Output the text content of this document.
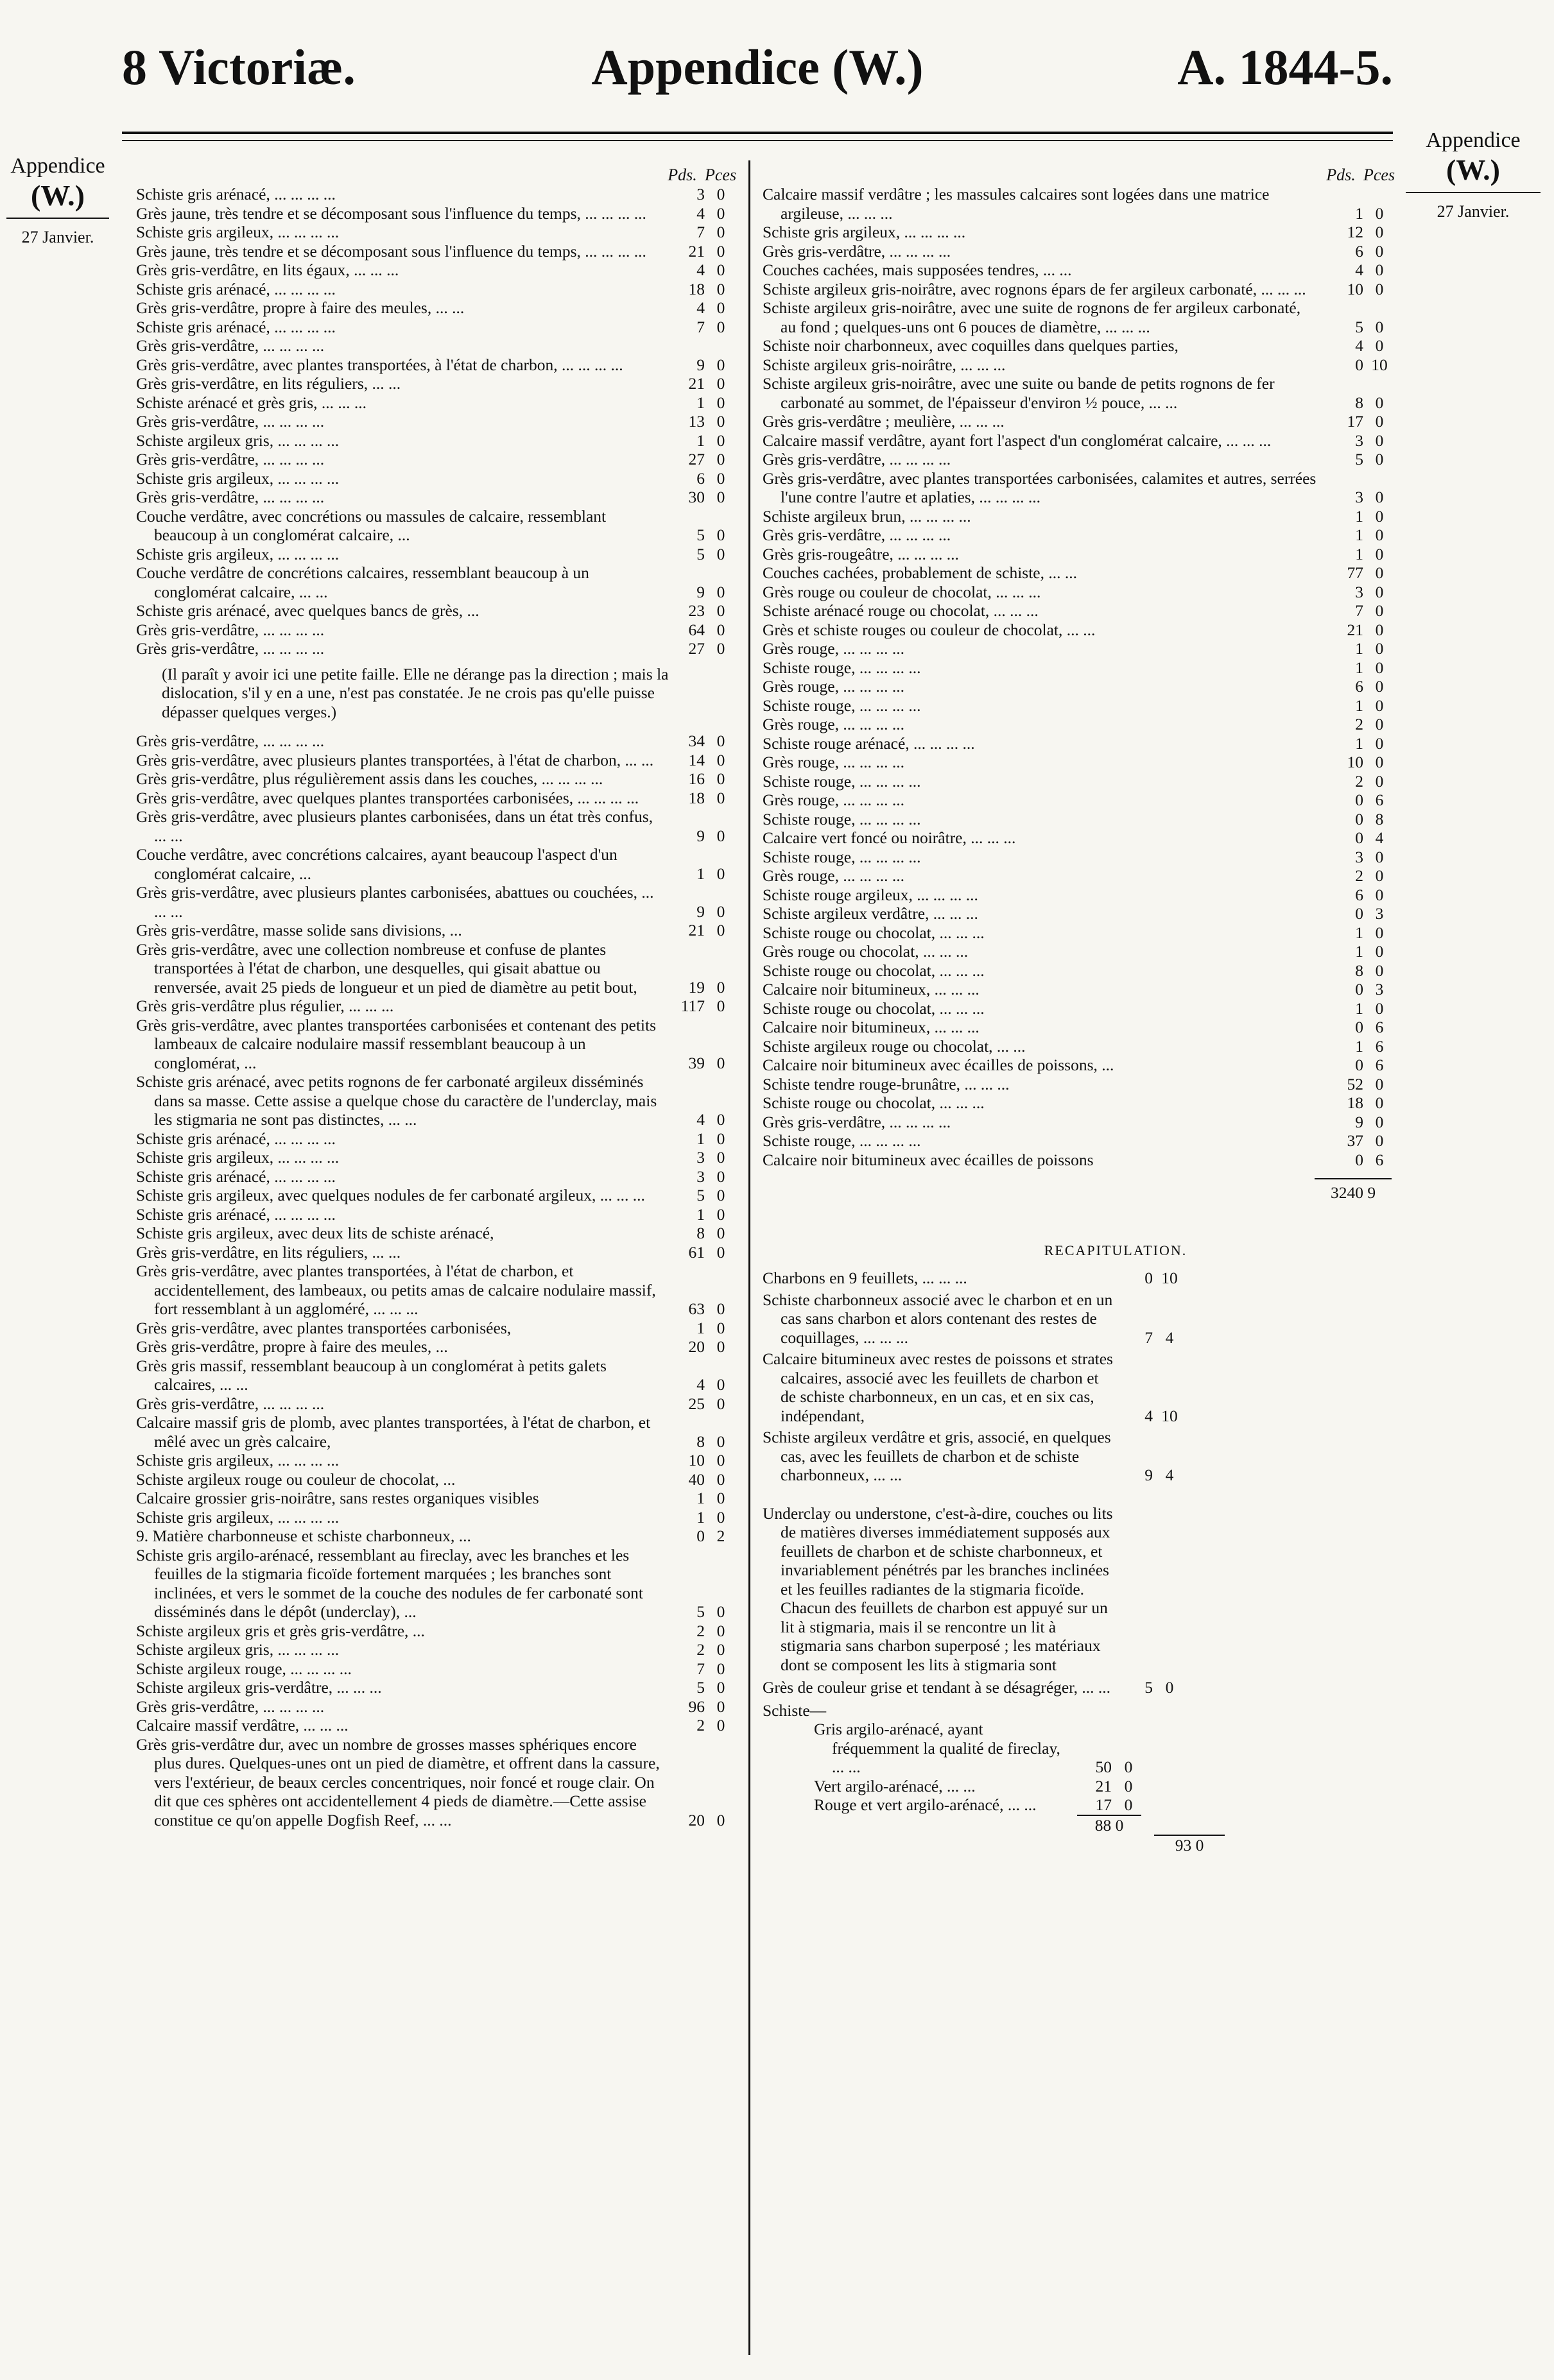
Appendice (W.)
8 Victoriæ.	A. 1844-5.
Appendice
(W.)
27 Janvier.
Appendice
(W.)
27 Janvier.
Pds. Pces
Schiste gris arénacé, ... ... ... ...	3 0
Grès jaune, très tendre et se décomposant sous l'influence du temps, ... ... ... ...	4 0
Schiste gris argileux, ... ... ... ...	7 0
Grès jaune, très tendre et se décomposant sous l'influence du temps, ... ... ... ...	21 0
Grès gris-verdâtre, en lits égaux, ... ... ...	4 0
Schiste gris arénacé, ... ... ... ...	18 0
Grès gris-verdâtre, propre à faire des meules, ... ...	4 0
Schiste gris arénacé, ... ... ... ...	7 0
Grès gris-verdâtre, ... ... ... ...
Grès gris-verdâtre, avec plantes transportées, à l'état de charbon, ... ... ... ...	9 0
Grès gris-verdâtre, en lits réguliers, ... ...	21 0
Schiste arénacé et grès gris, ... ... ...	1 0
Grès gris-verdâtre, ... ... ... ...	13 0
Schiste argileux gris, ... ... ... ...	1 0
Grès gris-verdâtre, ... ... ... ...	27 0
Schiste gris argileux, ... ... ... ...	6 0
Grès gris-verdâtre, ... ... ... ...	30 0
Couche verdâtre, avec concrétions ou massules de calcaire, ressemblant beaucoup à un conglomérat calcaire, ...	5 0
Schiste gris argileux, ... ... ... ...	5 0
Couche verdâtre de concrétions calcaires, ressemblant beaucoup à un conglomérat calcaire, ... ...	9 0
Schiste gris arénacé, avec quelques bancs de grès, ...	23 0
Grès gris-verdâtre, ... ... ... ...	64 0
Grès gris-verdâtre, ... ... ... ...	27 0
(Il paraît y avoir ici une petite faille. Elle ne dérange pas la direction ; mais la dislocation, s'il y en a une, n'est pas constatée. Je ne crois pas qu'elle puisse dépasser quelques verges.)
Grès gris-verdâtre, ... ... ... ...	34 0
Grès gris-verdâtre, avec plusieurs plantes transportées, à l'état de charbon, ... ...	14 0
Grès gris-verdâtre, plus régulièrement assis dans les couches, ... ... ... ...	16 0
Grès gris-verdâtre, avec quelques plantes transportées carbonisées, ... ... ... ...	18 0
Grès gris-verdâtre, avec plusieurs plantes carbonisées, dans un état très confus, ... ...	9 0
Couche verdâtre, avec concrétions calcaires, ayant beaucoup l'aspect d'un conglomérat calcaire, ...	1 0
Grès gris-verdâtre, avec plusieurs plantes carbonisées, abattues ou couchées, ... ... ...	9 0
Grès gris-verdâtre, masse solide sans divisions, ...	21 0
Grès gris-verdâtre, avec une collection nombreuse et confuse de plantes transportées à l'état de charbon, une desquelles, qui gisait abattue ou renversée, avait 25 pieds de longueur et un pied de diamètre au petit bout,	19 0
Grès gris-verdâtre plus régulier, ... ... ...	117 0
Grès gris-verdâtre, avec plantes transportées carbonisées et contenant des petits lambeaux de calcaire nodulaire massif ressemblant beaucoup à un conglomérat, ...	39 0
Schiste gris arénacé, avec petits rognons de fer carbonaté argileux disséminés dans sa masse. Cette assise a quelque chose du caractère de l'underclay, mais les stigmaria ne sont pas distinctes, ... ...	4 0
Schiste gris arénacé, ... ... ... ...	1 0
Schiste gris argileux, ... ... ... ...	3 0
Schiste gris arénacé, ... ... ... ...	3 0
Schiste gris argileux, avec quelques nodules de fer carbonaté argileux, ... ... ...	5 0
Schiste gris arénacé, ... ... ... ...	1 0
Schiste gris argileux, avec deux lits de schiste arénacé,	8 0
Grès gris-verdâtre, en lits réguliers, ... ...	61 0
Grès gris-verdâtre, avec plantes transportées, à l'état de charbon, et accidentellement, des lambeaux, ou petits amas de calcaire nodulaire massif, fort ressemblant à un aggloméré, ... ... ...	63 0
Grès gris-verdâtre, avec plantes transportées carbonisées,	1 0
Grès gris-verdâtre, propre à faire des meules, ...	20 0
Grès gris massif, ressemblant beaucoup à un conglomérat à petits galets calcaires, ... ...	4 0
Grès gris-verdâtre, ... ... ... ...	25 0
Calcaire massif gris de plomb, avec plantes transportées, à l'état de charbon, et mêlé avec un grès calcaire,	8 0
Schiste gris argileux, ... ... ... ...	10 0
Schiste argileux rouge ou couleur de chocolat, ...	40 0
Calcaire grossier gris-noirâtre, sans restes organiques visibles	1 0
Schiste gris argileux, ... ... ... ...	1 0
9. Matière charbonneuse et schiste charbonneux, ...	0 2
Schiste gris argilo-arénacé, ressemblant au fireclay, avec les branches et les feuilles de la stigmaria ficoïde fortement marquées ; les branches sont inclinées, et vers le sommet de la couche des nodules de fer carbonaté sont disséminés dans le dépôt (underclay), ...	5 0
Schiste argileux gris et grès gris-verdâtre, ...	2 0
Schiste argileux gris, ... ... ... ...	2 0
Schiste argileux rouge, ... ... ... ...	7 0
Schiste argileux gris-verdâtre, ... ... ...	5 0
Grès gris-verdâtre, ... ... ... ...	96 0
Calcaire massif verdâtre, ... ... ...	2 0
Grès gris-verdâtre dur, avec un nombre de grosses masses sphériques encore plus dures. Quelques-unes ont un pied de diamètre, et offrent dans la cassure, vers l'extérieur, de beaux cercles concentriques, noir foncé et rouge clair. On dit que ces sphères ont accidentellement 4 pieds de diamètre.—Cette assise constitue ce qu'on appelle Dogfish Reef, ... ...	20 0
Pds. Pces
Calcaire massif verdâtre ; les massules calcaires sont logées dans une matrice argileuse, ... ... ...	1 0
Schiste gris argileux, ... ... ... ...	12 0
Grès gris-verdâtre, ... ... ... ...	6 0
Couches cachées, mais supposées tendres, ... ...	4 0
Schiste argileux gris-noirâtre, avec rognons épars de fer argileux carbonaté, ... ... ...	10 0
Schiste argileux gris-noirâtre, avec une suite de rognons de fer argileux carbonaté, au fond ; quelques-uns ont 6 pouces de diamètre, ... ... ...	5 0
Schiste noir charbonneux, avec coquilles dans quelques parties,	4 0
Schiste argileux gris-noirâtre, ... ... ...	0 10
Schiste argileux gris-noirâtre, avec une suite ou bande de petits rognons de fer carbonaté au sommet, de l'épaisseur d'environ ½ pouce, ... ...	8 0
Grès gris-verdâtre ; meulière, ... ... ...	17 0
Calcaire massif verdâtre, ayant fort l'aspect d'un conglomérat calcaire, ... ... ...	3 0
Grès gris-verdâtre, ... ... ... ...	5 0
Grès gris-verdâtre, avec plantes transportées carbonisées, calamites et autres, serrées l'une contre l'autre et aplaties, ... ... ... ...	3 0
Schiste argileux brun, ... ... ... ...	1 0
Grès gris-verdâtre, ... ... ... ...	1 0
Grès gris-rougeâtre, ... ... ... ...	1 0
Couches cachées, probablement de schiste, ... ...	77 0
Grès rouge ou couleur de chocolat, ... ... ...	3 0
Schiste arénacé rouge ou chocolat, ... ... ...	7 0
Grès et schiste rouges ou couleur de chocolat, ... ...	21 0
Grès rouge, ... ... ... ...	1 0
Schiste rouge, ... ... ... ...	1 0
Grès rouge, ... ... ... ...	6 0
Schiste rouge, ... ... ... ...	1 0
Grès rouge, ... ... ... ...	2 0
Schiste rouge arénacé, ... ... ... ...	1 0
Grès rouge, ... ... ... ...	10 0
Schiste rouge, ... ... ... ...	2 0
Grès rouge, ... ... ... ...	0 6
Schiste rouge, ... ... ... ...	0 8
Calcaire vert foncé ou noirâtre, ... ... ...	0 4
Schiste rouge, ... ... ... ...	3 0
Grès rouge, ... ... ... ...	2 0
Schiste rouge argileux, ... ... ... ...	6 0
Schiste argileux verdâtre, ... ... ...	0 3
Schiste rouge ou chocolat, ... ... ...	1 0
Grès rouge ou chocolat, ... ... ...	1 0
Schiste rouge ou chocolat, ... ... ...	8 0
Calcaire noir bitumineux, ... ... ...	0 3
Schiste rouge ou chocolat, ... ... ...	1 0
Calcaire noir bitumineux, ... ... ...	0 6
Schiste argileux rouge ou chocolat, ... ...	1 6
Calcaire noir bitumineux avec écailles de poissons, ...	0 6
Schiste tendre rouge-brunâtre, ... ... ...	52 0
Schiste rouge ou chocolat, ... ... ...	18 0
Grès gris-verdâtre, ... ... ... ...	9 0
Schiste rouge, ... ... ... ...	37 0
Calcaire noir bitumineux avec écailles de poissons	0 6
3240 9
RECAPITULATION.
Charbons en 9 feuillets, ... ... ...	0 10
Schiste charbonneux associé avec le charbon et en un cas sans charbon et alors contenant des restes de coquillages, ... ... ...	7 4
Calcaire bitumineux avec restes de poissons et strates calcaires, associé avec les feuillets de charbon et de schiste charbonneux, en un cas, et en six cas, indépendant,	4 10
Schiste argileux verdâtre et gris, associé, en quelques cas, avec les feuillets de charbon et de schiste charbonneux, ... ...	9 4
Underclay ou understone, c'est-à-dire, couches ou lits de matières diverses immédiatement supposés aux feuillets de charbon et de schiste charbonneux, et invariablement pénétrés par les branches inclinées et les feuilles radiantes de la stigmaria ficoïde. Chacun des feuillets de charbon est appuyé sur un lit à stigmaria, mais il se rencontre un lit à stigmaria sans charbon superposé ; les matériaux dont se composent les lits à stigmaria sont
Grès de couleur grise et tendant à se désagréger, ... ...	5 0
Schiste—
Gris argilo-arénacé, ayant fréquemment la qualité de fireclay, ... ...	50 0
Vert argilo-arénacé, ... ...	21 0
Rouge et vert argilo-arénacé, ... ...	17 0
88 0
93 0
